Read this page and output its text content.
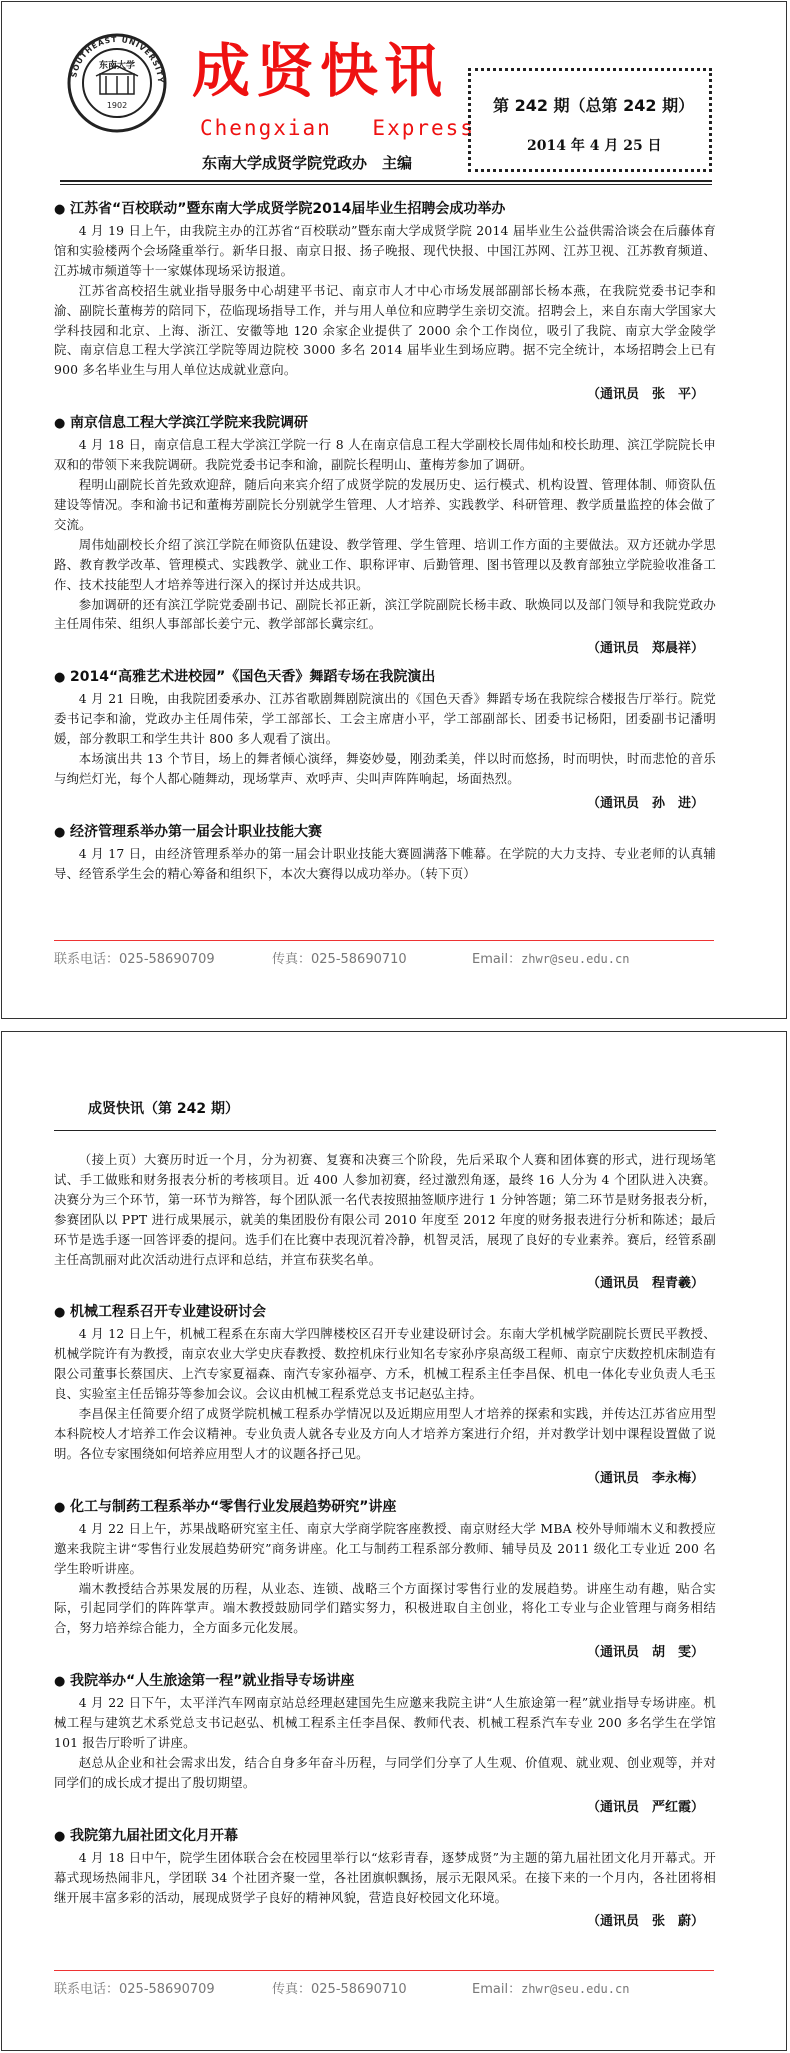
SOUTHEAST UNIVERSITY
东南大学
1902
成贤快讯
Chengxian Express
东南大学成贤学院党政办　主编
第 242 期（总第 242 期）
2014 年 4 月 25 日

● 江苏省“百校联动”暨东南大学成贤学院2014届毕业生招聘会成功举办

4 月 19 日上午，由我院主办的江苏省“百校联动”暨东南大学成贤学院 2014 届毕业生公益供需洽谈会在后藤体育馆和实验楼两个会场隆重举行。新华日报、南京日报、扬子晚报、现代快报、中国江苏网、江苏卫视、江苏教育频道、江苏城市频道等十一家媒体现场采访报道。

江苏省高校招生就业指导服务中心胡建平书记、南京市人才中心市场发展部副部长杨本燕，在我院党委书记李和渝、副院长董梅芳的陪同下，莅临现场指导工作，并与用人单位和应聘学生亲切交流。招聘会上，来自东南大学国家大学科技园和北京、上海、浙江、安徽等地 120 余家企业提供了 2000 余个工作岗位，吸引了我院、南京大学金陵学院、南京信息工程大学滨江学院等周边院校 3000 多名 2014 届毕业生到场应聘。据不完全统计，本场招聘会上已有 900 多名毕业生与用人单位达成就业意向。

（通讯员　张　平）

● 南京信息工程大学滨江学院来我院调研

4 月 18 日，南京信息工程大学滨江学院一行 8 人在南京信息工程大学副校长周伟灿和校长助理、滨江学院院长申双和的带领下来我院调研。我院党委书记李和渝，副院长程明山、董梅芳参加了调研。

程明山副院长首先致欢迎辞，随后向来宾介绍了成贤学院的发展历史、运行模式、机构设置、管理体制、师资队伍建设等情况。李和渝书记和董梅芳副院长分别就学生管理、人才培养、实践教学、科研管理、教学质量监控的体会做了交流。

周伟灿副校长介绍了滨江学院在师资队伍建设、教学管理、学生管理、培训工作方面的主要做法。双方还就办学思路、教育教学改革、管理模式、实践教学、就业工作、职称评审、后勤管理、图书管理以及教育部独立学院验收准备工作、技术技能型人才培养等进行深入的探讨并达成共识。

参加调研的还有滨江学院党委副书记、副院长祁正新，滨江学院副院长杨丰政、耿焕同以及部门领导和我院党政办主任周伟荣、组织人事部部长姜宁元、教学部部长冀宗红。

（通讯员　郑晨祥）

● 2014“高雅艺术进校园”《国色天香》舞蹈专场在我院演出

4 月 21 日晚，由我院团委承办、江苏省歌剧舞剧院演出的《国色天香》舞蹈专场在我院综合楼报告厅举行。院党委书记李和渝，党政办主任周伟荣，学工部部长、工会主席唐小平，学工部副部长、团委书记杨阳，团委副书记潘明媛，部分教职工和学生共计 800 多人观看了演出。

本场演出共 13 个节目，场上的舞者倾心演绎，舞姿妙曼，刚劲柔美，伴以时而悠扬，时而明快，时而悲怆的音乐与绚烂灯光，每个人都心随舞动，现场掌声、欢呼声、尖叫声阵阵响起，场面热烈。

（通讯员　孙　进）

● 经济管理系举办第一届会计职业技能大赛

4 月 17 日，由经济管理系举办的第一届会计职业技能大赛圆满落下帷幕。在学院的大力支持、专业老师的认真辅导、经管系学生会的精心筹备和组织下，本次大赛得以成功举办。（转下页）

联系电话：025-58690709	传真：025-58690710	Email：zhwr@seu.edu.cn
成贤快讯（第 242 期）

（接上页）大赛历时近一个月，分为初赛、复赛和决赛三个阶段，先后采取个人赛和团体赛的形式，进行现场笔试、手工做账和财务报表分析的考核项目。近 400 人参加初赛，经过激烈角逐，最终 16 人分为 4 个团队进入决赛。决赛分为三个环节，第一环节为辩答，每个团队派一名代表按照抽签顺序进行 1 分钟答题；第二环节是财务报表分析，参赛团队以 PPT 进行成果展示，就美的集团股份有限公司 2010 年度至 2012 年度的财务报表进行分析和陈述；最后环节是选手逐一回答评委的提问。选手们在比赛中表现沉着冷静，机智灵活，展现了良好的专业素养。赛后，经管系副主任高凯丽对此次活动进行点评和总结，并宣布获奖名单。

（通讯员　程青羲）

● 机械工程系召开专业建设研讨会

4 月 12 日上午，机械工程系在东南大学四牌楼校区召开专业建设研讨会。东南大学机械学院副院长贾民平教授、机械学院许有为教授，南京农业大学史庆春教授、数控机床行业知名专家孙序泉高级工程师、南京宁庆数控机床制造有限公司董事长蔡国庆、上汽专家夏福森、南汽专家孙福亭、方禾，机械工程系主任李昌保、机电一体化专业负责人毛玉良、实验室主任岳锦芬等参加会议。会议由机械工程系党总支书记赵弘主持。

李昌保主任简要介绍了成贤学院机械工程系办学情况以及近期应用型人才培养的探索和实践，并传达江苏省应用型本科院校人才培养工作会议精神。专业负责人就各专业及方向人才培养方案进行介绍，并对教学计划中课程设置做了说明。各位专家围绕如何培养应用型人才的议题各抒己见。

（通讯员　李永梅）

● 化工与制药工程系举办“零售行业发展趋势研究”讲座

4 月 22 日上午，苏果战略研究室主任、南京大学商学院客座教授、南京财经大学 MBA 校外导师端木义和教授应邀来我院主讲“零售行业发展趋势研究”商务讲座。化工与制药工程系部分教师、辅导员及 2011 级化工专业近 200 名学生聆听讲座。

端木教授结合苏果发展的历程，从业态、连锁、战略三个方面探讨零售行业的发展趋势。讲座生动有趣，贴合实际，引起同学们的阵阵掌声。端木教授鼓励同学们踏实努力，积极进取自主创业，将化工专业与企业管理与商务相结合，努力培养综合能力，全方面多元化发展。

（通讯员　胡　雯）

● 我院举办“人生旅途第一程”就业指导专场讲座

4 月 22 日下午，太平洋汽车网南京站总经理赵建国先生应邀来我院主讲“人生旅途第一程”就业指导专场讲座。机械工程与建筑艺术系党总支书记赵弘、机械工程系主任李昌保、教师代表、机械工程系汽车专业 200 多名学生在学馆 101 报告厅聆听了讲座。

赵总从企业和社会需求出发，结合自身多年奋斗历程，与同学们分享了人生观、价值观、就业观、创业观等，并对同学们的成长成才提出了殷切期望。

（通讯员　严红霞）

● 我院第九届社团文化月开幕

4 月 18 日中午，院学生团体联合会在校园里举行以“炫彩青春，逐梦成贤”为主题的第九届社团文化月开幕式。开幕式现场热闹非凡，学团联 34 个社团齐聚一堂，各社团旗帜飘扬，展示无限风采。在接下来的一个月内，各社团将相继开展丰富多彩的活动，展现成贤学子良好的精神风貌，营造良好校园文化环境。

（通讯员　张　蔚）
联系电话：025-58690709	传真：025-58690710	Email：zhwr@seu.edu.cn
